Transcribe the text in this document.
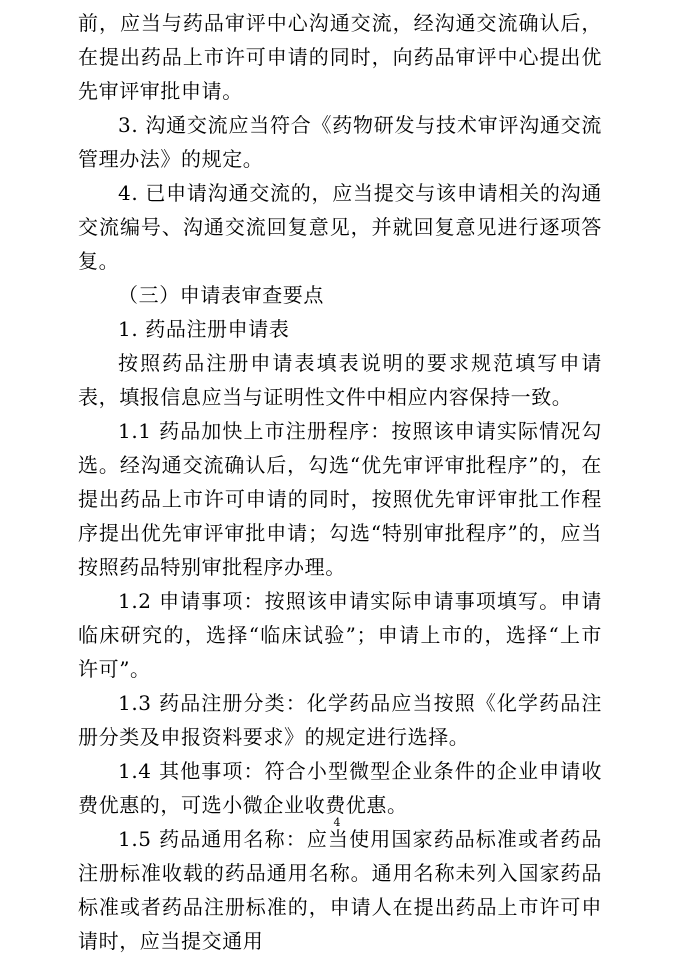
前，应当与药品审评中心沟通交流，经沟通交流确认后，在提出药品上市许可申请的同时，向药品审评中心提出优先审评审批申请。

3. 沟通交流应当符合《药物研发与技术审评沟通交流管理办法》的规定。

4. 已申请沟通交流的，应当提交与该申请相关的沟通交流编号、沟通交流回复意见，并就回复意见进行逐项答复。

（三）申请表审查要点

1. 药品注册申请表

按照药品注册申请表填表说明的要求规范填写申请表，填报信息应当与证明性文件中相应内容保持一致。

1.1 药品加快上市注册程序：按照该申请实际情况勾选。经沟通交流确认后，勾选“优先审评审批程序”的，在提出药品上市许可申请的同时，按照优先审评审批工作程序提出优先审评审批申请；勾选“特别审批程序”的，应当按照药品特别审批程序办理。

1.2 申请事项：按照该申请实际申请事项填写。申请临床研究的，选择“临床试验”；申请上市的，选择“上市许可”。

1.3 药品注册分类：化学药品应当按照《化学药品注册分类及申报资料要求》的规定进行选择。

1.4 其他事项：符合小型微型企业条件的企业申请收费优惠的，可选小微企业收费优惠。

1.5 药品通用名称：应当使用国家药品标准或者药品注册标准收载的药品通用名称。通用名称未列入国家药品标准或者药品注册标准的，申请人在提出药品上市许可申请时，应当提交通用

4
